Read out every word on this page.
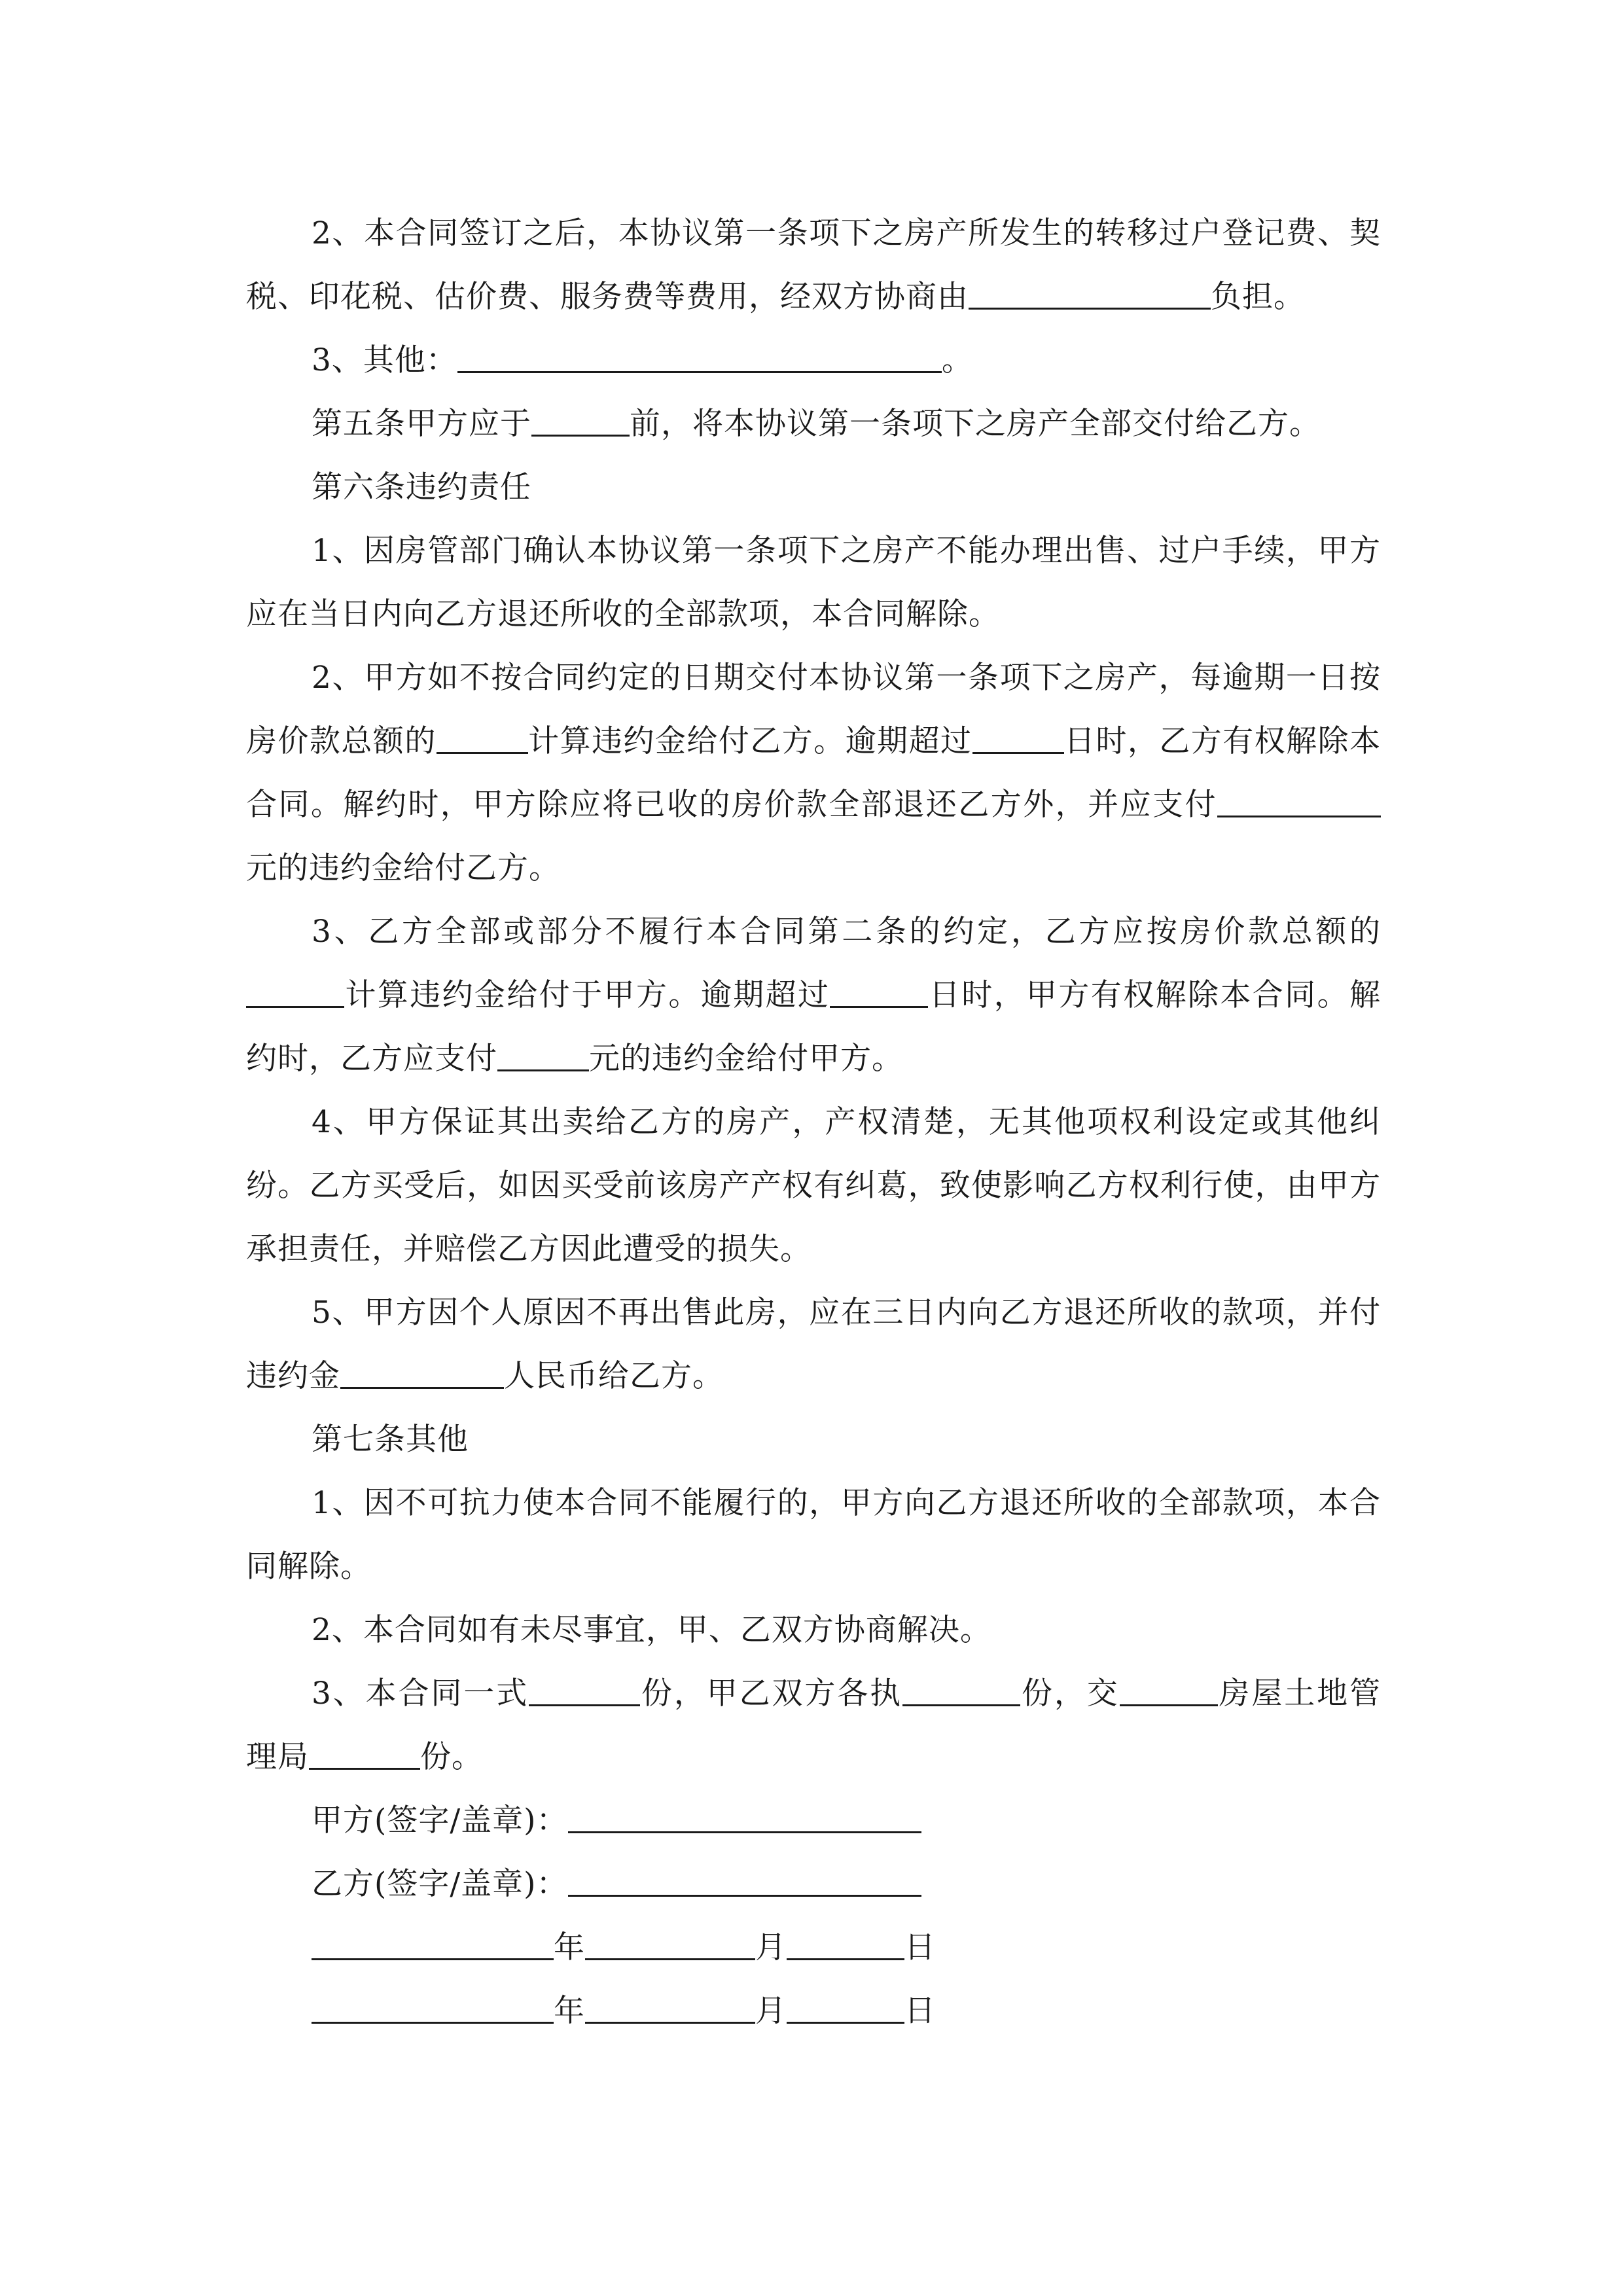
2、本合同签订之后，本协议第一条项下之房产所发生的转移过户登记费、契税、印花税、估价费、服务费等费用，经双方协商由	负担。

3、其他：	。

第五条甲方应于	前，将本协议第一条项下之房产全部交付给乙方。

第六条违约责任

1、因房管部门确认本协议第一条项下之房产不能办理出售、过户手续，甲方应在当日内向乙方退还所收的全部款项，本合同解除。

2、甲方如不按合同约定的日期交付本协议第一条项下之房产，每逾期一日按房价款总额的	计算违约金给付乙方。逾期超过	日时，乙方有权解除本合同。解约时，甲方除应将已收的房价款全部退还乙方外，并应支付元的违约金给付乙方。

3、乙方全部或部分不履行本合同第二条的约定，乙方应按房价款总额的计算违约金给付于甲方。逾期超过	日时，甲方有权解除本合同。解约时，乙方应支付	元的违约金给付甲方。

4、甲方保证其出卖给乙方的房产，产权清楚，无其他项权利设定或其他纠纷。乙方买受后，如因买受前该房产产权有纠葛，致使影响乙方权利行使，由甲方承担责任，并赔偿乙方因此遭受的损失。

5、甲方因个人原因不再出售此房，应在三日内向乙方退还所收的款项，并付违约金	人民币给乙方。

第七条其他

1、因不可抗力使本合同不能履行的，甲方向乙方退还所收的全部款项，本合同解除。

2、本合同如有未尽事宜，甲、乙双方协商解决。

3、本合同一式	份，甲乙双方各执	份，交	房屋土地管理局	份。

甲方(签字/盖章)：

乙方(签字/盖章)：

年	月	日

年	月	日
